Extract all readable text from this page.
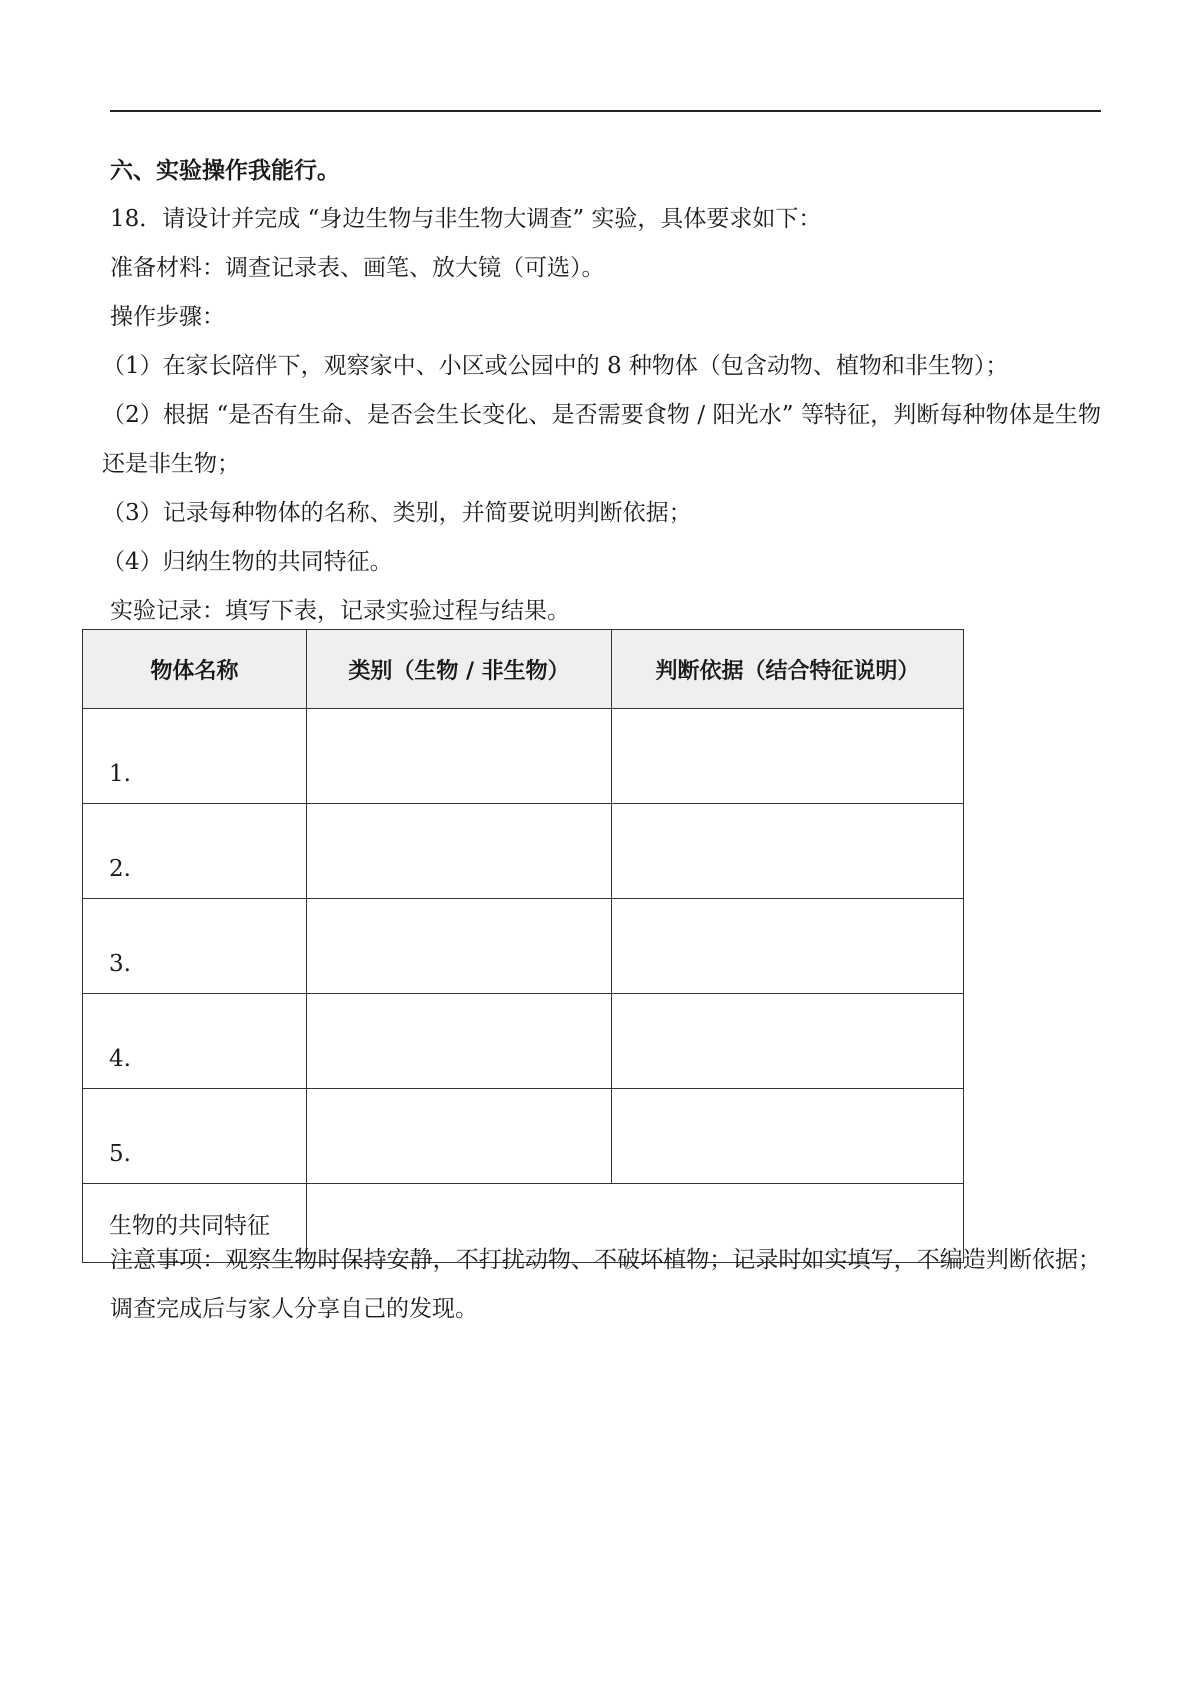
六、实验操作我能行。

18．请设计并完成 “身边生物与非生物大调查” 实验，具体要求如下：

准备材料：调查记录表、画笔、放大镜（可选）。

操作步骤：

（1）在家长陪伴下，观察家中、小区或公园中的 8 种物体（包含动物、植物和非生物）；

（2）根据 “是否有生命、是否会生长变化、是否需要食物 / 阳光水” 等特征，判断每种物体是生物还是非生物；

（3）记录每种物体的名称、类别，并简要说明判断依据；

（4）归纳生物的共同特征。

实验记录：填写下表，记录实验过程与结果。

物体名称	类别（生物 / 非生物）	判断依据（结合特征说明）
1.		
2.		
3.		
4.		
5.		
生物的共同特征		

注意事项：观察生物时保持安静，不打扰动物、不破坏植物；记录时如实填写，不编造判断依据；调查完成后与家人分享自己的发现。
